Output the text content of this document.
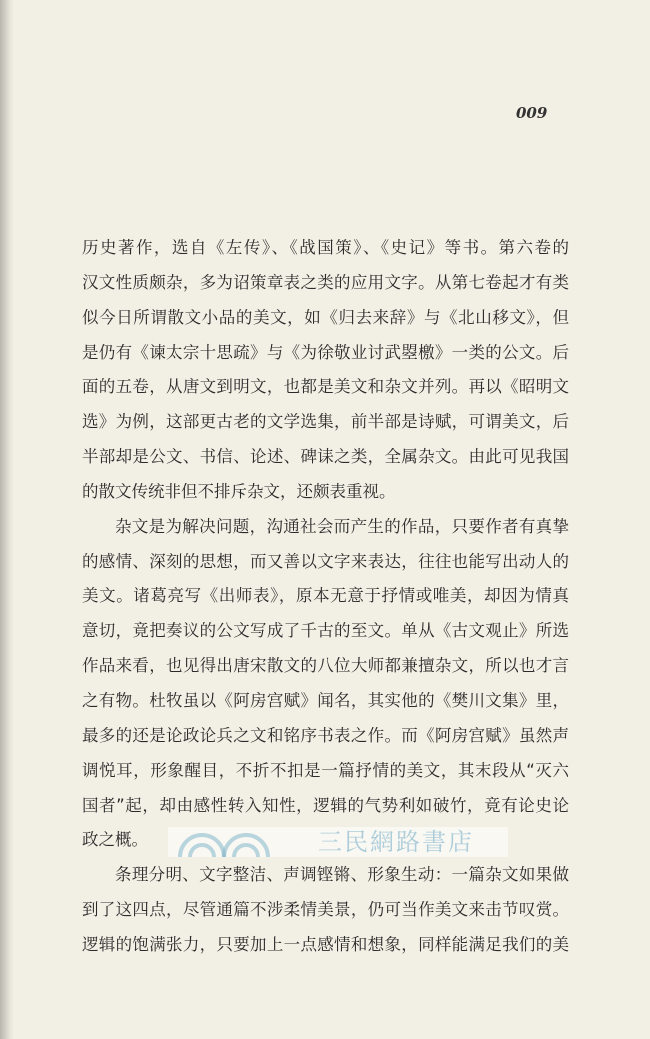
009
历史著作，选自《左传》、《战国策》、《史记》等书。第六卷的
汉文性质颇杂，多为诏策章表之类的应用文字。从第七卷起才有类
似今日所谓散文小品的美文，如《归去来辞》与《北山移文》，但
是仍有《谏太宗十思疏》与《为徐敬业讨武曌檄》一类的公文。后
面的五卷，从唐文到明文，也都是美文和杂文并列。再以《昭明文
选》为例，这部更古老的文学选集，前半部是诗赋，可谓美文，后
半部却是公文、书信、论述、碑诔之类，全属杂文。由此可见我国
的散文传统非但不排斥杂文，还颇表重视。
杂文是为解决问题，沟通社会而产生的作品，只要作者有真挚
的感情、深刻的思想，而又善以文字来表达，往往也能写出动人的
美文。诸葛亮写《出师表》，原本无意于抒情或唯美，却因为情真
意切，竟把奏议的公文写成了千古的至文。单从《古文观止》所选
作品来看，也见得出唐宋散文的八位大师都兼擅杂文，所以也才言
之有物。杜牧虽以《阿房宫赋》闻名，其实他的《樊川文集》里，
最多的还是论政论兵之文和铭序书表之作。而《阿房宫赋》虽然声
调悦耳，形象醒目，不折不扣是一篇抒情的美文，其末段从“灭六
国者”起，却由感性转入知性，逻辑的气势利如破竹，竟有论史论
政之概。
条理分明、文字整洁、声调铿锵、形象生动：一篇杂文如果做
到了这四点，尽管通篇不涉柔情美景，仍可当作美文来击节叹赏。
逻辑的饱满张力，只要加上一点感情和想象，同样能满足我们的美
三民網路書店
